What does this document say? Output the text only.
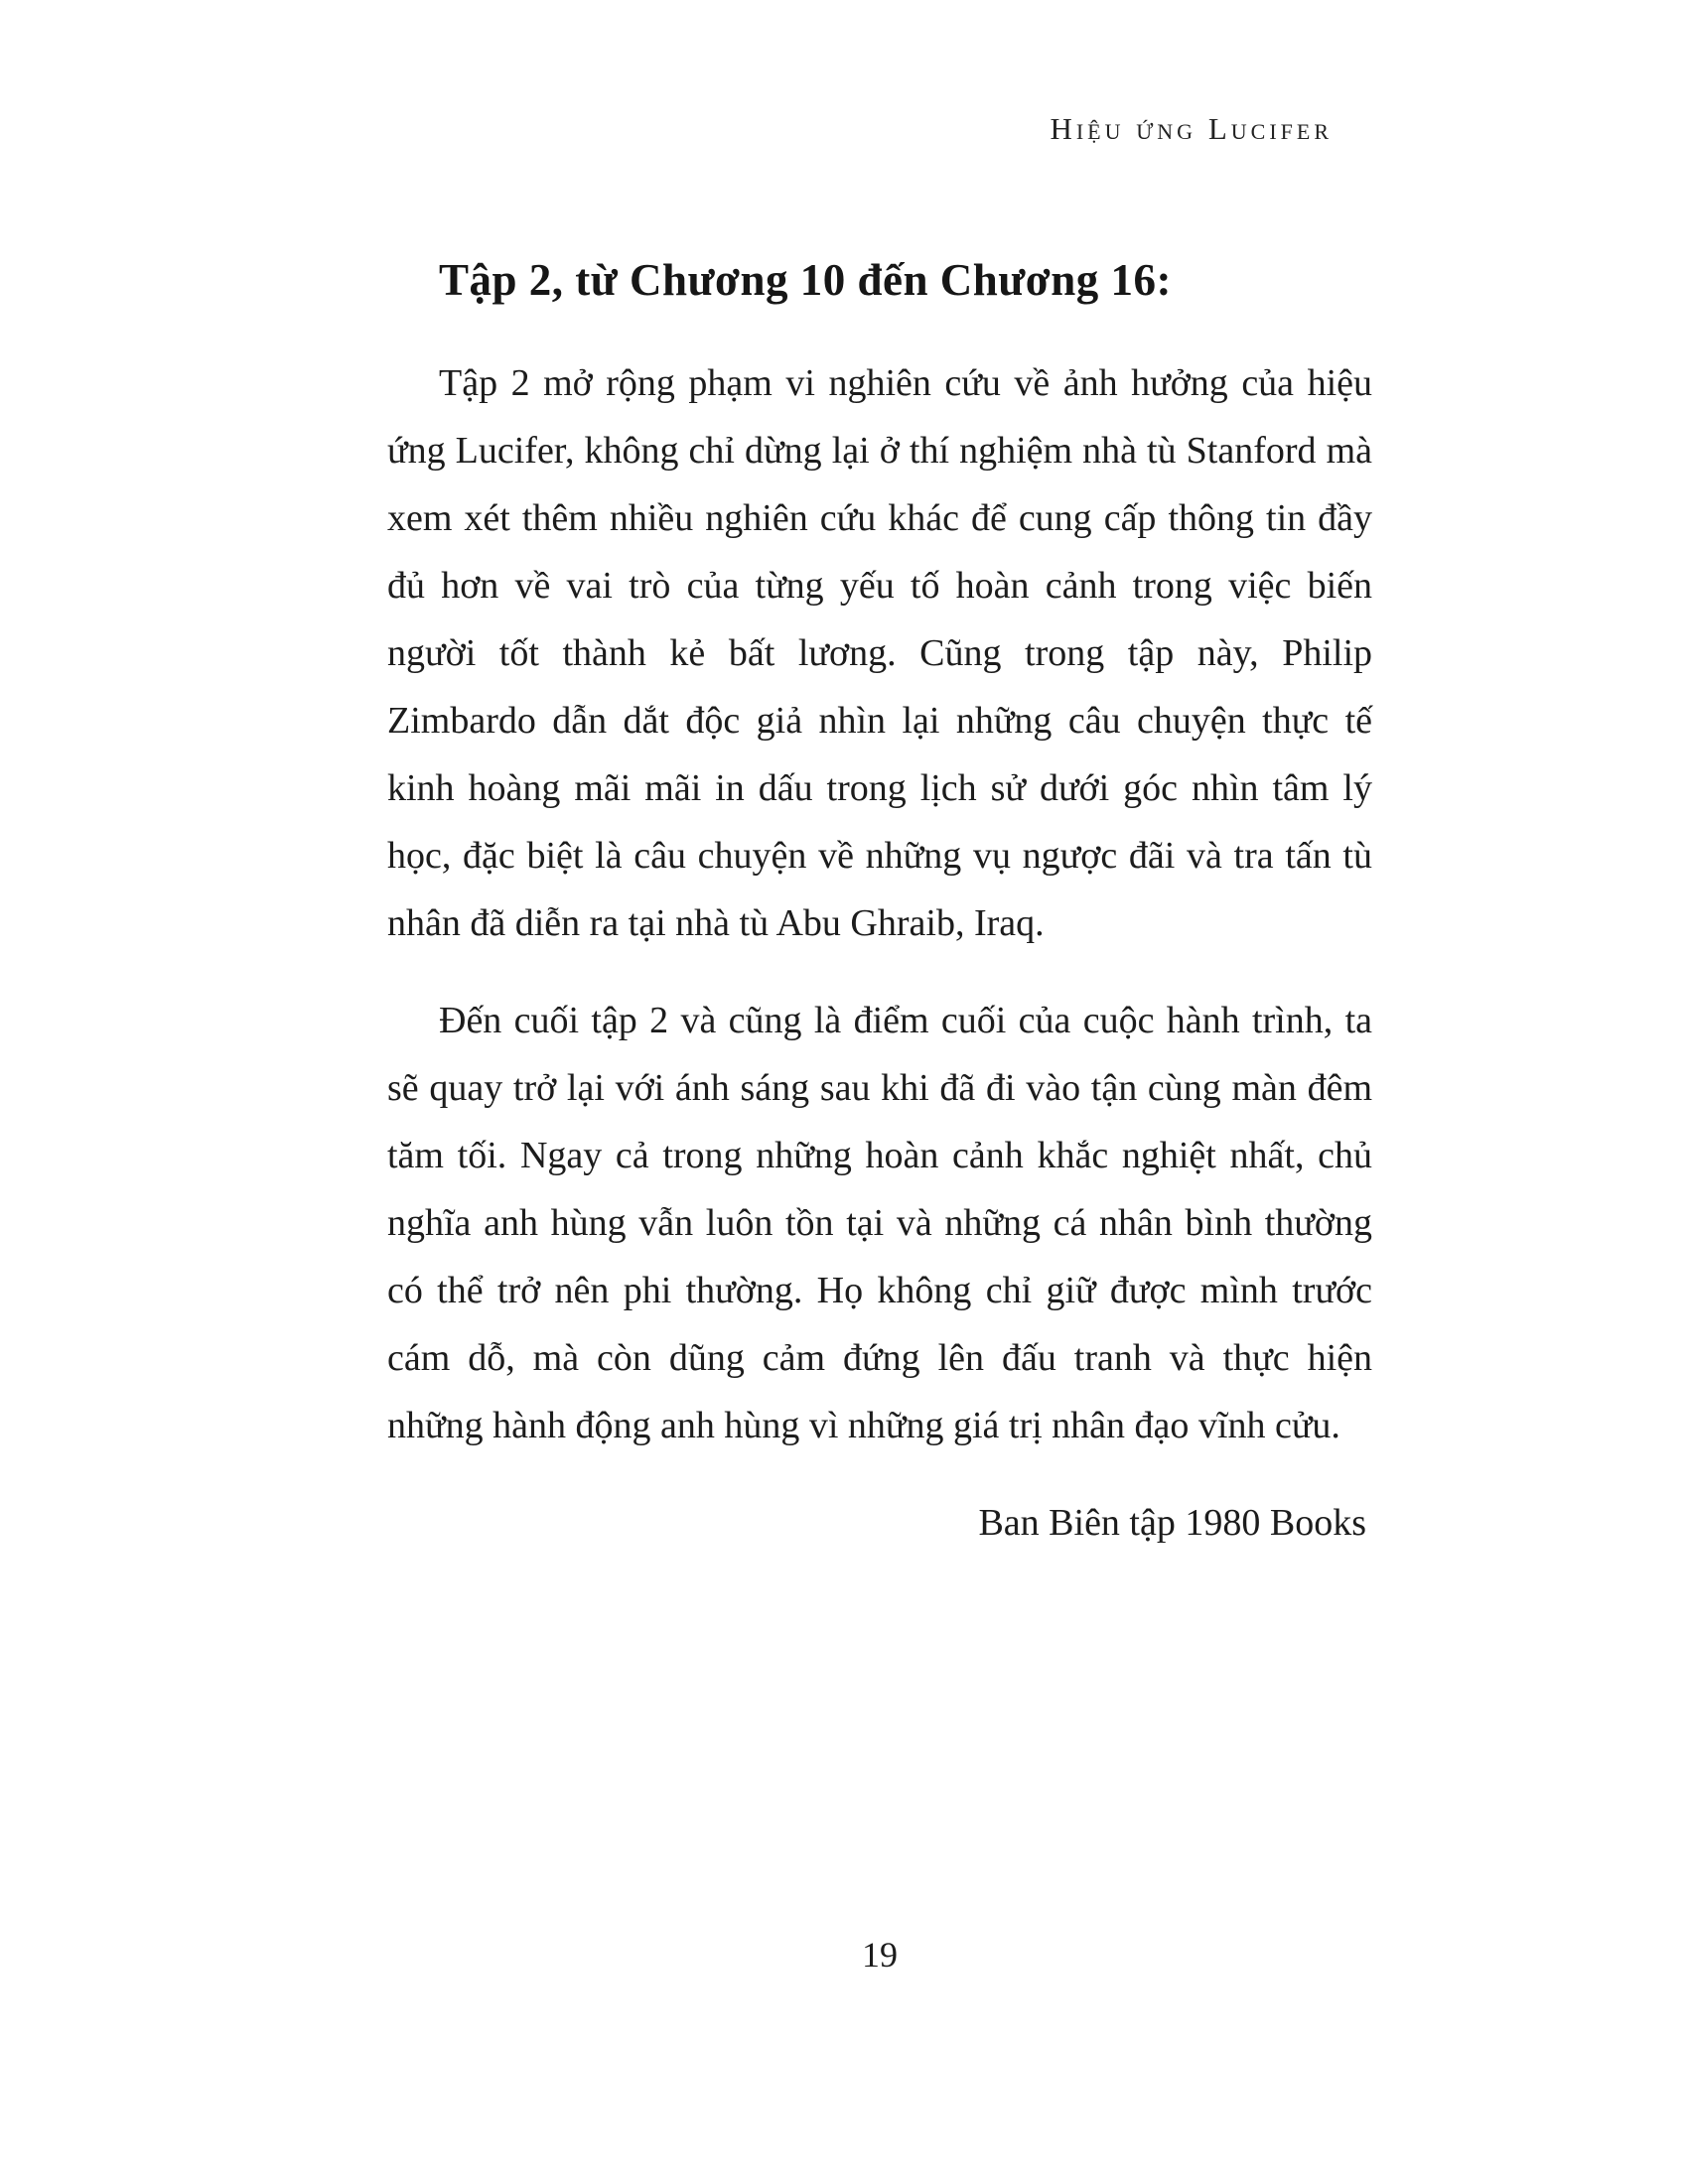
Hiệu ứng Lucifer
Tập 2, từ Chương 10 đến Chương 16:

Tập 2 mở rộng phạm vi nghiên cứu về ảnh hưởng của hiệu ứng Lucifer, không chỉ dừng lại ở thí nghiệm nhà tù Stanford mà xem xét thêm nhiều nghiên cứu khác để cung cấp thông tin đầy đủ hơn về vai trò của từng yếu tố hoàn cảnh trong việc biến người tốt thành kẻ bất lương. Cũng trong tập này, Philip Zimbardo dẫn dắt độc giả nhìn lại những câu chuyện thực tế kinh hoàng mãi mãi in dấu trong lịch sử dưới góc nhìn tâm lý học, đặc biệt là câu chuyện về những vụ ngược đãi và tra tấn tù nhân đã diễn ra tại nhà tù Abu Ghraib, Iraq.

Đến cuối tập 2 và cũng là điểm cuối của cuộc hành trình, ta sẽ quay trở lại với ánh sáng sau khi đã đi vào tận cùng màn đêm tăm tối. Ngay cả trong những hoàn cảnh khắc nghiệt nhất, chủ nghĩa anh hùng vẫn luôn tồn tại và những cá nhân bình thường có thể trở nên phi thường. Họ không chỉ giữ được mình trước cám dỗ, mà còn dũng cảm đứng lên đấu tranh và thực hiện những hành động anh hùng vì những giá trị nhân đạo vĩnh cửu.

Ban Biên tập 1980 Books
19
